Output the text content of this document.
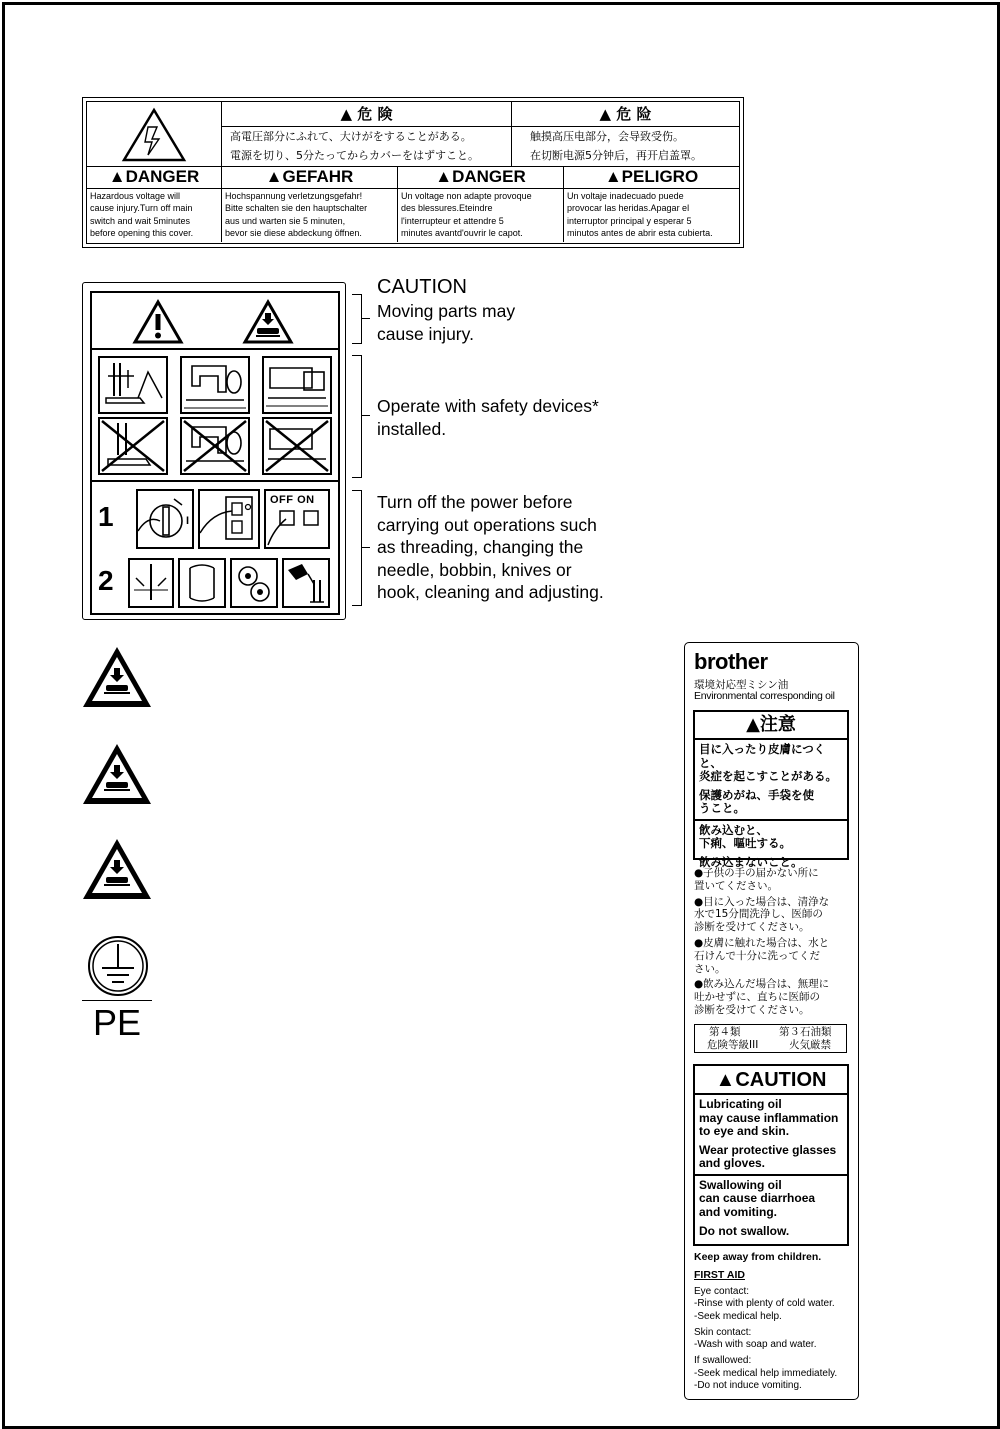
▲ 危 険
高電圧部分にふれて、大けがをすることがある。
電源を切り、5分たってからカバーをはずすこと。
▲ 危 险
触摸高压电部分，会导致受伤。
在切断电源5分钟后，再开启盖罩。
▲DANGER
Hazardous voltage will
cause injury.Turn off main
switch and wait 5minutes
before opening this cover.
▲GEFAHR
Hochspannung verletzungsgefahr!
Bitte schalten sie den hauptschalter
aus und warten sie 5 minuten,
bevor sie diese abdeckung öffnen.
▲DANGER
Un voltage non adapte provoque
des blessures.Eteindre
l'interrupteur et attendre 5
minutes avantd'ouvrir le capot.
▲PELIGRO
Un voltaje inadecuado puede
provocar las heridas.Apagar el
interruptor principal y esperar 5
minutos antes de abrir esta cubierta.
1
2
I
OFF ON
CAUTION
Moving parts may
cause injury.
Operate with safety devices*
installed.
Turn off the power before
carrying out operations such
as threading, changing the
needle, bobbin, knives or
hook, cleaning and adjusting.
PE
brother
環境対応型ミシン油
Environmental corresponding oil
▲注意
目に入ったり皮膚につくと、
炎症を起こすことがある。
保護めがね、手袋を使
うこと。
飲み込むと、
下痢、嘔吐する。
飲み込まないこと。
●子供の手の届かない所に
置いてください。
●目に入った場合は、清浄な
水で15分間洗浄し、医師の
診断を受けてください。
●皮膚に触れた場合は、水と
石けんで十分に洗ってくだ
さい。
●飲み込んだ場合は、無理に
吐かせずに、直ちに医師の
診断を受けてください。
第４類	第３石油類
危険等級III	火気厳禁
▲CAUTION
Lubricating oil
may cause inflammation
to eye and skin.
Wear protective glasses
and gloves.
Swallowing oil
can cause diarrhoea
and vomiting.
Do not swallow.
Keep away from children.
FIRST AID
Eye contact:
-Rinse with plenty of cold water.
-Seek medical help.
Skin contact:
-Wash with soap and water.
If swallowed:
-Seek medical help immediately.
-Do not induce vomiting.
